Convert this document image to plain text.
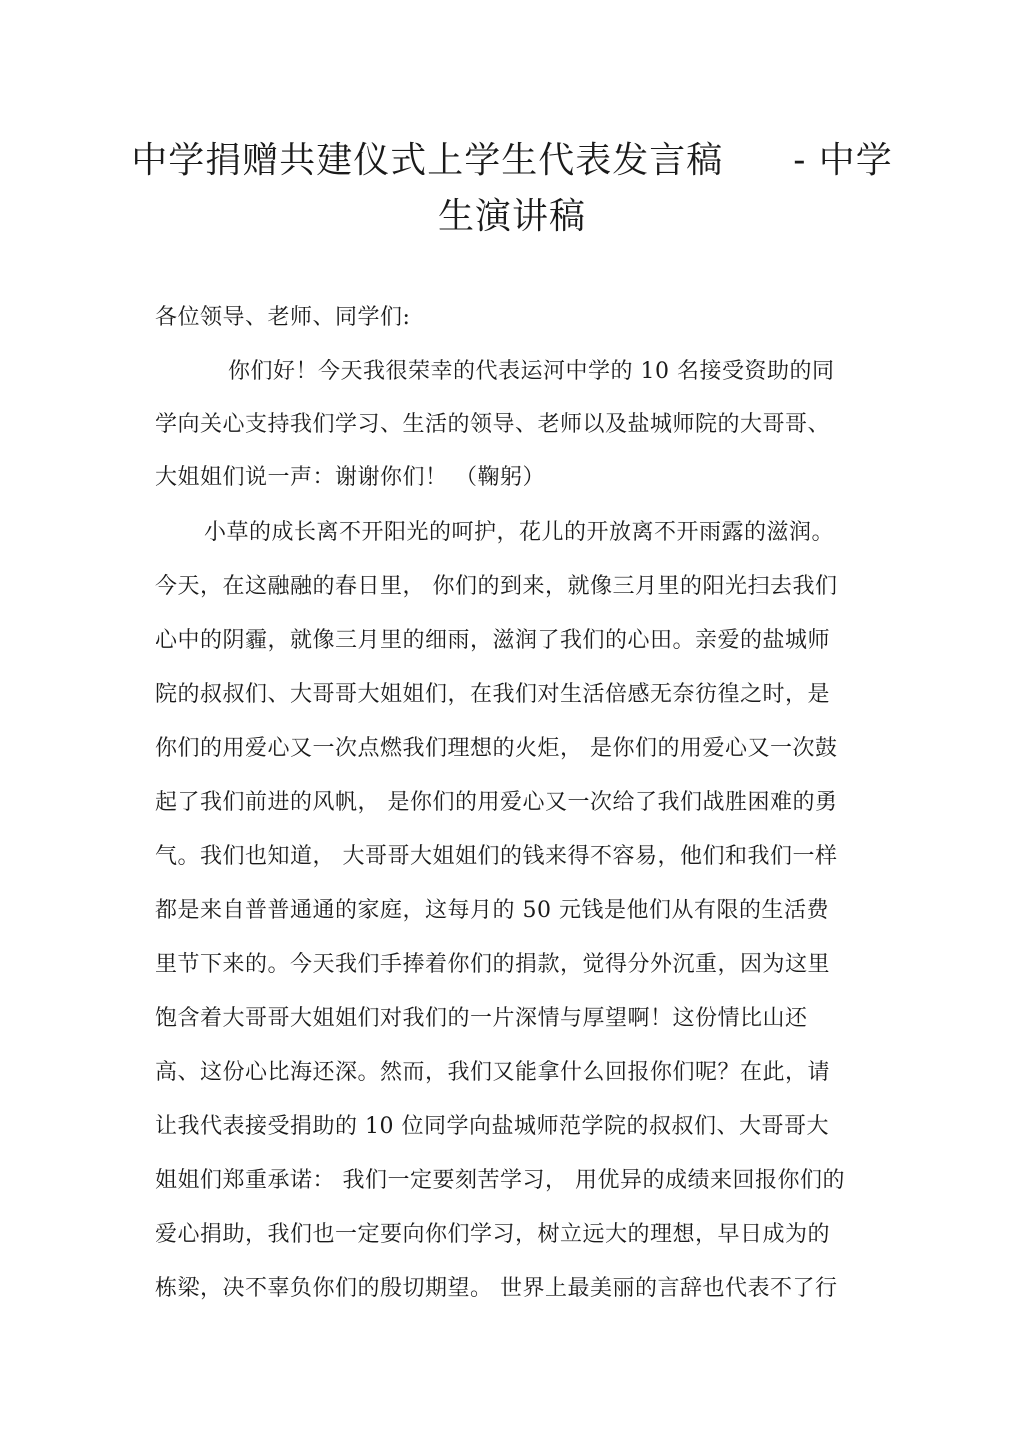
中学捐赠共建仪式上学生代表发言稿 - 中学
生演讲稿

各位领导、老师、同学们:

你们好！今天我很荣幸的代表运河中学的 10 名接受资助的同

学向关心支持我们学习、生活的领导、老师以及盐城师院的大哥哥、

大姐姐们说一声：谢谢你们！ （鞠躬）

小草的成长离不开阳光的呵护，花儿的开放离不开雨露的滋润。

今天，在这融融的春日里， 你们的到来，就像三月里的阳光扫去我们

心中的阴霾，就像三月里的细雨，滋润了我们的心田。亲爱的盐城师

院的叔叔们、大哥哥大姐姐们，在我们对生活倍感无奈彷徨之时，是

你们的用爱心又一次点燃我们理想的火炬， 是你们的用爱心又一次鼓

起了我们前进的风帆， 是你们的用爱心又一次给了我们战胜困难的勇

气。我们也知道， 大哥哥大姐姐们的钱来得不容易，他们和我们一样

都是来自普普通通的家庭，这每月的 50 元钱是他们从有限的生活费

里节下来的。今天我们手捧着你们的捐款，觉得分外沉重，因为这里

饱含着大哥哥大姐姐们对我们的一片深情与厚望啊！这份情比山还

高、这份心比海还深。然而，我们又能拿什么回报你们呢？在此，请

让我代表接受捐助的 10 位同学向盐城师范学院的叔叔们、大哥哥大

姐姐们郑重承诺： 我们一定要刻苦学习， 用优异的成绩来回报你们的

爱心捐助，我们也一定要向你们学习，树立远大的理想，早日成为的

栋梁，决不辜负你们的殷切期望。 世界上最美丽的言辞也代表不了行
